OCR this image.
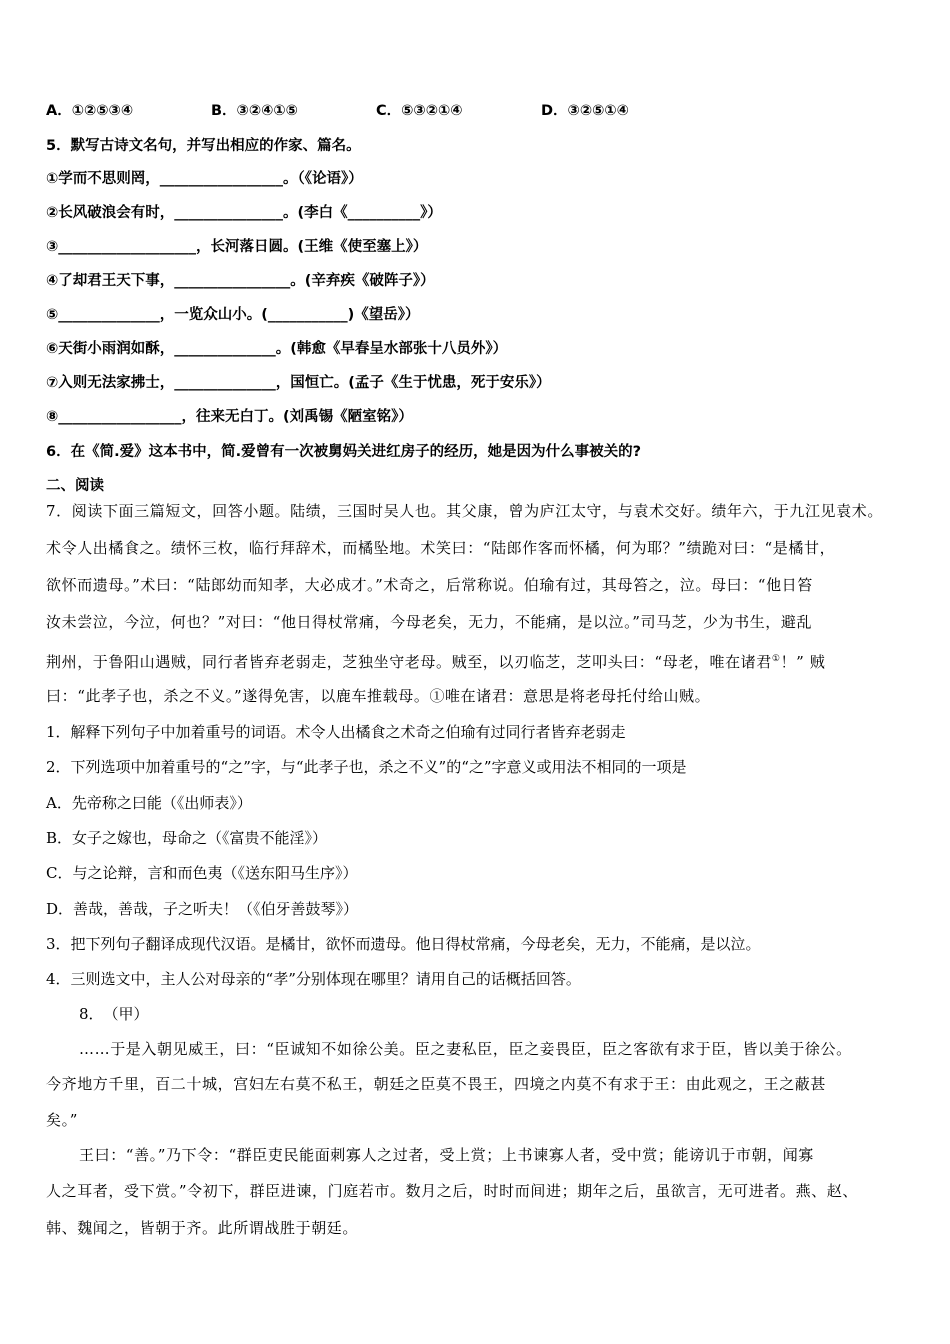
A．①②⑤③④	B．③②④①⑤	C．⑤③②①④	D．③②⑤①④
5．默写古诗文名句，并写出相应的作家、篇名。
①学而不思则罔，_________________。（《论语》）
②长风破浪会有时，_______________。(李白《__________》）
③___________________，长河落日圆。(王维《使至塞上》）
④了却君王天下事，________________。(辛弃疾《破阵子》）
⑤______________，一览众山小。(___________)《望岳》）
⑥天街小雨润如酥，______________。(韩愈《早春呈水部张十八员外》）
⑦入则无法家拂士，______________，国恒亡。(孟子《生于忧患，死于安乐》）
⑧_________________，往来无白丁。(刘禹锡《陋室铭》）
6．在《简.爱》这本书中，简.爱曾有一次被舅妈关进红房子的经历，她是因为什么事被关的?
二、阅读
7．阅读下面三篇短文，回答小题。陆绩，三国时吴人也。其父康，曾为庐江太守，与袁术交好。绩年六，于九江见袁术。
术令人出橘食之。绩怀三枚，临行拜辞术，而橘坠地。术笑曰：“陆郎作客而怀橘，何为耶？”绩跪对曰：“是橘甘，
欲怀而遗母。”术曰：“陆郎幼而知孝，大必成才。”术奇之，后常称说。伯瑜有过，其母笞之，泣。母曰：“他日笞
汝未尝泣，今泣，何也？”对曰：“他日得杖常痛，今母老矣，无力，不能痛，是以泣。”司马芝，少为书生，避乱
荆州，于鲁阳山遇贼，同行者皆弃老弱走，芝独坐守老母。贼至，以刃临芝，芝叩头曰：“母老，唯在诸君①！” 贼
曰：“此孝子也，杀之不义。”遂得免害，以鹿车推载母。①唯在诸君：意思是将老母托付给山贼。
1．解释下列句子中加着重号的词语。术令人出橘食之术奇之伯瑜有过同行者皆弃老弱走
2．下列选项中加着重号的“之”字，与“此孝子也，杀之不义”的“之”字意义或用法不相同的一项是
A．先帝称之曰能（《出师表》）
B．女子之嫁也，母命之（《富贵不能淫》）
C．与之论辩，言和而色夷（《送东阳马生序》）
D．善哉，善哉，子之听夫！（《伯牙善鼓琴》）
3．把下列句子翻译成现代汉语。是橘甘，欲怀而遗母。他日得杖常痛，今母老矣，无力，不能痛，是以泣。
4．三则选文中，主人公对母亲的“孝”分别体现在哪里？请用自己的话概括回答。
8．　（甲）
……于是入朝见威王，曰：“臣诚知不如徐公美。臣之妻私臣，臣之妾畏臣，臣之客欲有求于臣，皆以美于徐公。
今齐地方千里，百二十城，宫妇左右莫不私王，朝廷之臣莫不畏王，四境之内莫不有求于王：由此观之，王之蔽甚
矣。”
王曰：“善。”乃下令：“群臣吏民能面刺寡人之过者，受上赏；上书谏寡人者，受中赏；能谤讥于市朝，闻寡
人之耳者，受下赏。”令初下，群臣进谏，门庭若市。数月之后，时时而间进；期年之后，虽欲言，无可进者。燕、赵、
韩、魏闻之，皆朝于齐。此所谓战胜于朝廷。
